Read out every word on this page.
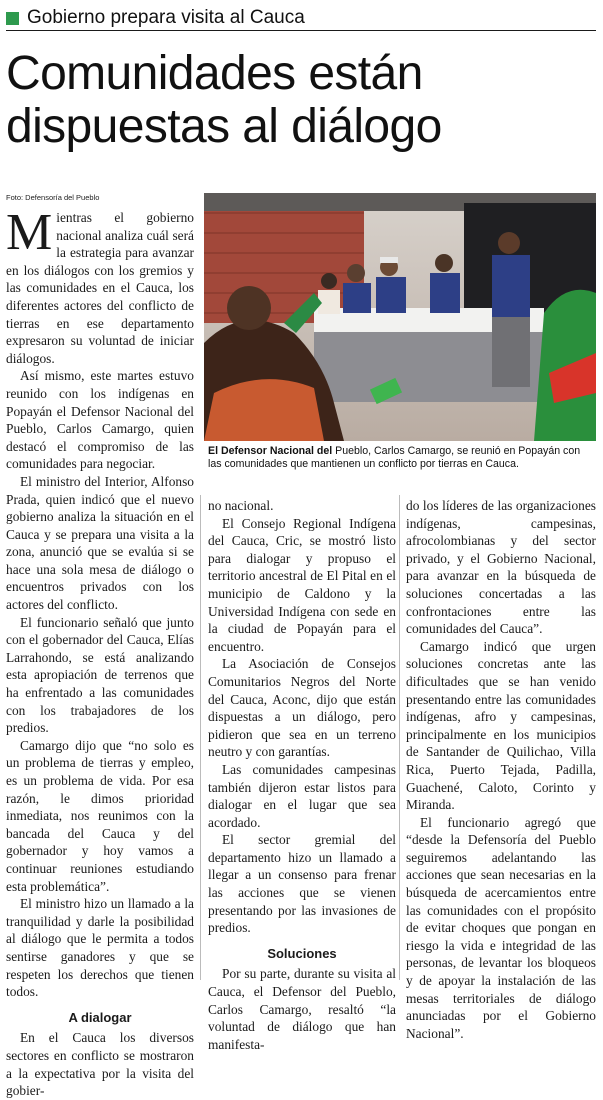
Gobierno prepara visita al Cauca
Comunidades están
dispuestas al diálogo
Foto: Defensoría del Pueblo
El Defensor Nacional del Pueblo, Carlos Camargo, se reunió en Popayán con las comunidades que mantienen un conflicto por tierras en Cauca.

Mientras el gobierno nacional analiza cuál será la estrategia para avanzar en los diálogos con los gremios y las comunidades en el Cauca, los diferentes actores del conflicto de tierras en ese departamento expresaron su voluntad de iniciar diálogos.

Así mismo, este martes estuvo reunido con los indígenas en Popayán el Defensor Nacional del Pueblo, Carlos Camargo, quien destacó el compromiso de las comunidades para negociar.

El ministro del Interior, Alfonso Prada, quien indicó que el nuevo gobierno analiza la situación en el Cauca y se prepara una visita a la zona, anunció que se evalúa si se hace una sola mesa de diálogo o encuentros privados con los actores del conflicto.

El funcionario señaló que junto con el gobernador del Cauca, Elías Larrahondo, se está analizando esta apropiación de terrenos que ha enfrentado a las comunidades con los trabajadores de los predios.

Camargo dijo que “no solo es un problema de tierras y empleo, es un problema de vida. Por esa razón, le dimos prioridad inmediata, nos reunimos con la bancada del Cauca y del gobernador y hoy vamos a continuar reuniones estudiando esta problemática”.

El ministro hizo un llamado a la tranquilidad y darle la posibilidad al diálogo que le permita a todos sentirse ganadores y que se respeten los derechos que tienen todos.

A dialogar

En el Cauca los diversos sectores en conflicto se mostraron a la expectativa por la visita del gobier-

no nacional.

El Consejo Regional Indígena del Cauca, Cric, se mostró listo para dialogar y propuso el territorio ancestral de El Pital en el municipio de Caldono y la Universidad Indígena con sede en la ciudad de Popayán para el encuentro.

La Asociación de Consejos Comunitarios Negros del Norte del Cauca, Aconc, dijo que están dispuestas a un diálogo, pero pidieron que sea en un terreno neutro y con garantías.

Las comunidades campesinas también dijeron estar listos para dialogar en el lugar que sea acordado.

El sector gremial del departamento hizo un llamado a llegar a un consenso para frenar las acciones que se vienen presentando por las invasiones de predios.

Soluciones

Por su parte, durante su visita al Cauca, el Defensor del Pueblo, Carlos Camargo, resaltó “la voluntad de diálogo que han manifesta-

do los líderes de las organizaciones indígenas, campesinas, afrocolombianas y del sector privado, y el Gobierno Nacional, para avanzar en la búsqueda de soluciones concertadas a las confrontaciones entre las comunidades del Cauca”.

Camargo indicó que urgen soluciones concretas ante las dificultades que se han venido presentando entre las comunidades indígenas, afro y campesinas, principalmente en los municipios de Santander de Quilichao, Villa Rica, Puerto Tejada, Padilla, Guachené, Caloto, Corinto y Miranda.

El funcionario agregó que “desde la Defensoría del Pueblo seguiremos adelantando las acciones que sean necesarias en la búsqueda de acercamientos entre las comunidades con el propósito de evitar choques que pongan en riesgo la vida e integridad de las personas, de levantar los bloqueos y de apoyar la instalación de las mesas territoriales de diálogo anunciadas por el Gobierno Nacional”.
